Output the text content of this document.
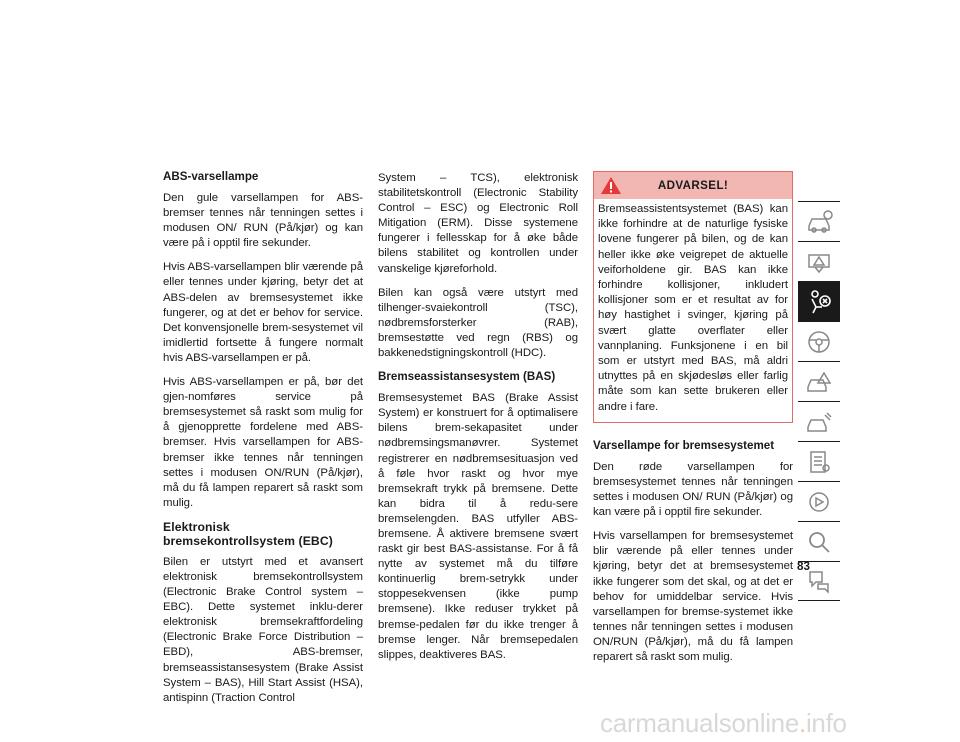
ABS-varsellampe

Den gule varsellampen for ABS-bremser tennes når tenningen settes i modusen ON/ RUN (På/kjør) og kan være på i opptil fire sekunder.

Hvis ABS-varsellampen blir værende på eller tennes under kjøring, betyr det at ABS-delen av bremsesystemet ikke fungerer, og at det er behov for service. Det konvensjonelle brem-sesystemet vil imidlertid fortsette å fungere normalt hvis ABS-varsellampen er på.

Hvis ABS-varsellampen er på, bør det gjen-nomføres service på bremsesystemet så raskt som mulig for å gjenopprette fordelene med ABS-bremser. Hvis varsellampen for ABS-bremser ikke tennes når tenningen settes i modusen ON/RUN (På/kjør), må du få lampen reparert så raskt som mulig.

Elektronisk bremsekontrollsystem (EBC)

Bilen er utstyrt med et avansert elektronisk bremsekontrollsystem (Electronic Brake Control system – EBC). Dette systemet inklu-derer elektronisk bremsekraftfordeling (Electronic Brake Force Distribution – EBD), ABS-bremser, bremseassistansesystem (Brake Assist System – BAS), Hill Start Assist (HSA), antispinn (Traction Control

System – TCS), elektronisk stabilitetskontroll (Electronic Stability Control – ESC) og Electronic Roll Mitigation (ERM). Disse systemene fungerer i fellesskap for å øke både bilens stabilitet og kontrollen under vanskelige kjøreforhold.

Bilen kan også være utstyrt med tilhenger-svaiekontroll (TSC), nødbremsforsterker (RAB), bremsestøtte ved regn (RBS) og bakkenedstigningskontroll (HDC).

Bremseassistansesystem (BAS)

Bremsesystemet BAS (Brake Assist System) er konstruert for å optimalisere bilens brem-sekapasitet under nødbremsingsmanøvrer. Systemet registrerer en nødbremsesituasjon ved å føle hvor raskt og hvor mye bremsekraft trykk på bremsene. Dette kan bidra til å redu-sere bremselengden. BAS utfyller ABS-bremsene. Å aktivere bremsene svært raskt gir best BAS-assistanse. For å få nytte av systemet må du tilføre kontinuerlig brem-setrykk under stoppesekvensen (ikke pump bremsene). Ikke reduser trykket på bremse-pedalen før du ikke trenger å bremse lenger. Når bremsepedalen slippes, deaktiveres BAS.

ADVARSEL!

Bremseassistentsystemet (BAS) kan ikke forhindre at de naturlige fysiske lovene fungerer på bilen, og de kan heller ikke øke veigrepet de aktuelle veiforholdene gir. BAS kan ikke forhindre kollisjoner, inkludert kollisjoner som er et resultat av for høy hastighet i svinger, kjøring på svært glatte overflater eller vannplaning. Funksjonene i en bil som er utstyrt med BAS, må aldri utnyttes på en skjødesløs eller farlig måte som kan sette brukeren eller andre i fare.

Varsellampe for bremsesystemet

Den røde varsellampen for bremsesystemet tennes når tenningen settes i modusen ON/ RUN (På/kjør) og kan være på i opptil fire sekunder.

Hvis varsellampen for bremsesystemet blir værende på eller tennes under kjøring, betyr det at bremsesystemet ikke fungerer som det skal, og at det er behov for umiddelbar service. Hvis varsellampen for bremse-systemet ikke tennes når tenningen settes i modusen ON/RUN (På/kjør), må du få lampen reparert så raskt som mulig.

83
carmanualsonline.info
